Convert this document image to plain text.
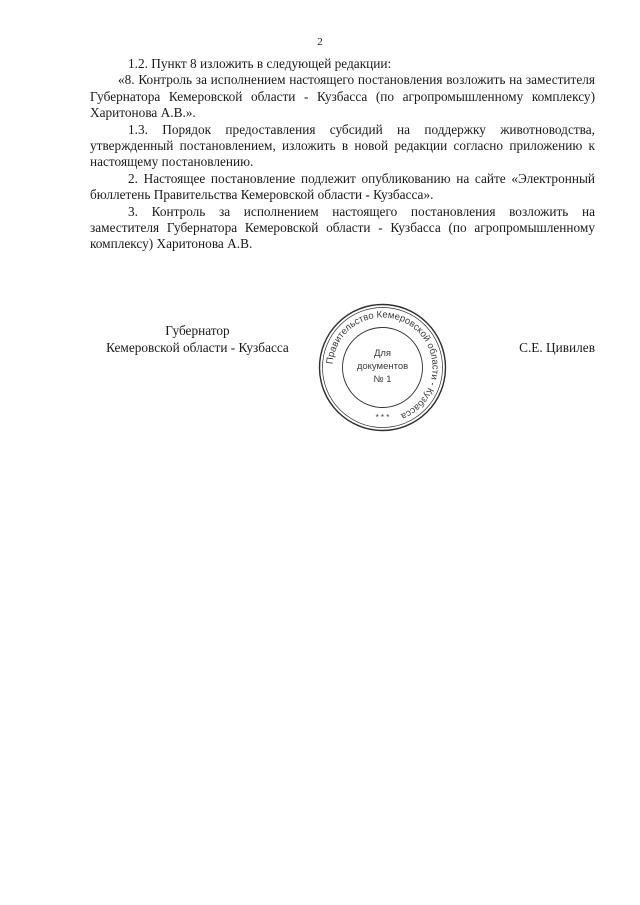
2

1.2. Пункт 8 изложить в следующей редакции:

«8. Контроль за исполнением настоящего постановления возложить на заместителя Губернатора Кемеровской области - Кузбасса (по агропромышленному комплексу) Харитонова А.В.».

1.3. Порядок предоставления субсидий на поддержку животноводства, утвержденный постановлением, изложить в новой редакции согласно приложению к настоящему постановлению.

2. Настоящее постановление подлежит опубликованию на сайте «Электронный бюллетень Правительства Кемеровской области - Кузбасса».

3. Контроль за исполнением настоящего постановления возложить на заместителя Губернатора Кемеровской области - Кузбасса (по агропромышленному комплексу) Харитонова А.В.

Губернатор
Кемеровской области - Кузбасса
Правительство Кемеровской области - Кузбасса
Для
документов
№ 1
* * *
С.Е. Цивилев
